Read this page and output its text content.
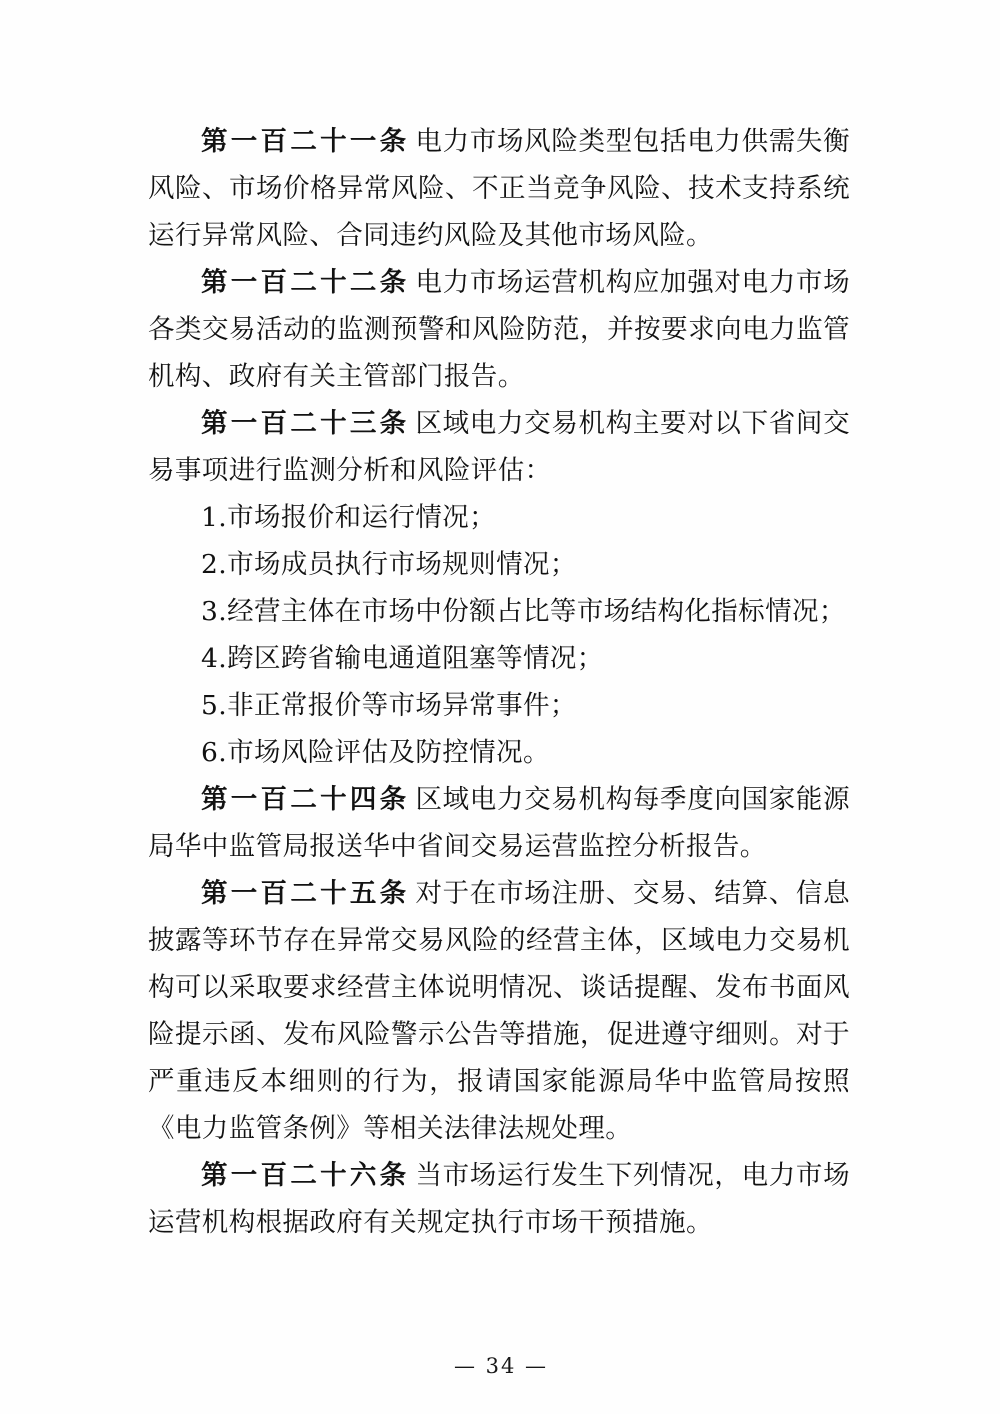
第一百二十一条 电力市场风险类型包括电力供需失衡风险、市场价格异常风险、不正当竞争风险、技术支持系统运行异常风险、合同违约风险及其他市场风险。

第一百二十二条 电力市场运营机构应加强对电力市场各类交易活动的监测预警和风险防范，并按要求向电力监管机构、政府有关主管部门报告。

第一百二十三条 区域电力交易机构主要对以下省间交易事项进行监测分析和风险评估：

1.市场报价和运行情况；

2.市场成员执行市场规则情况；

3.经营主体在市场中份额占比等市场结构化指标情况；

4.跨区跨省输电通道阻塞等情况；

5.非正常报价等市场异常事件；

6.市场风险评估及防控情况。

第一百二十四条 区域电力交易机构每季度向国家能源局华中监管局报送华中省间交易运营监控分析报告。

第一百二十五条 对于在市场注册、交易、结算、信息披露等环节存在异常交易风险的经营主体，区域电力交易机构可以采取要求经营主体说明情况、谈话提醒、发布书面风险提示函、发布风险警示公告等措施，促进遵守细则。对于严重违反本细则的行为，报请国家能源局华中监管局按照《电力监管条例》等相关法律法规处理。

第一百二十六条 当市场运行发生下列情况，电力市场运营机构根据政府有关规定执行市场干预措施。

— 34 —
